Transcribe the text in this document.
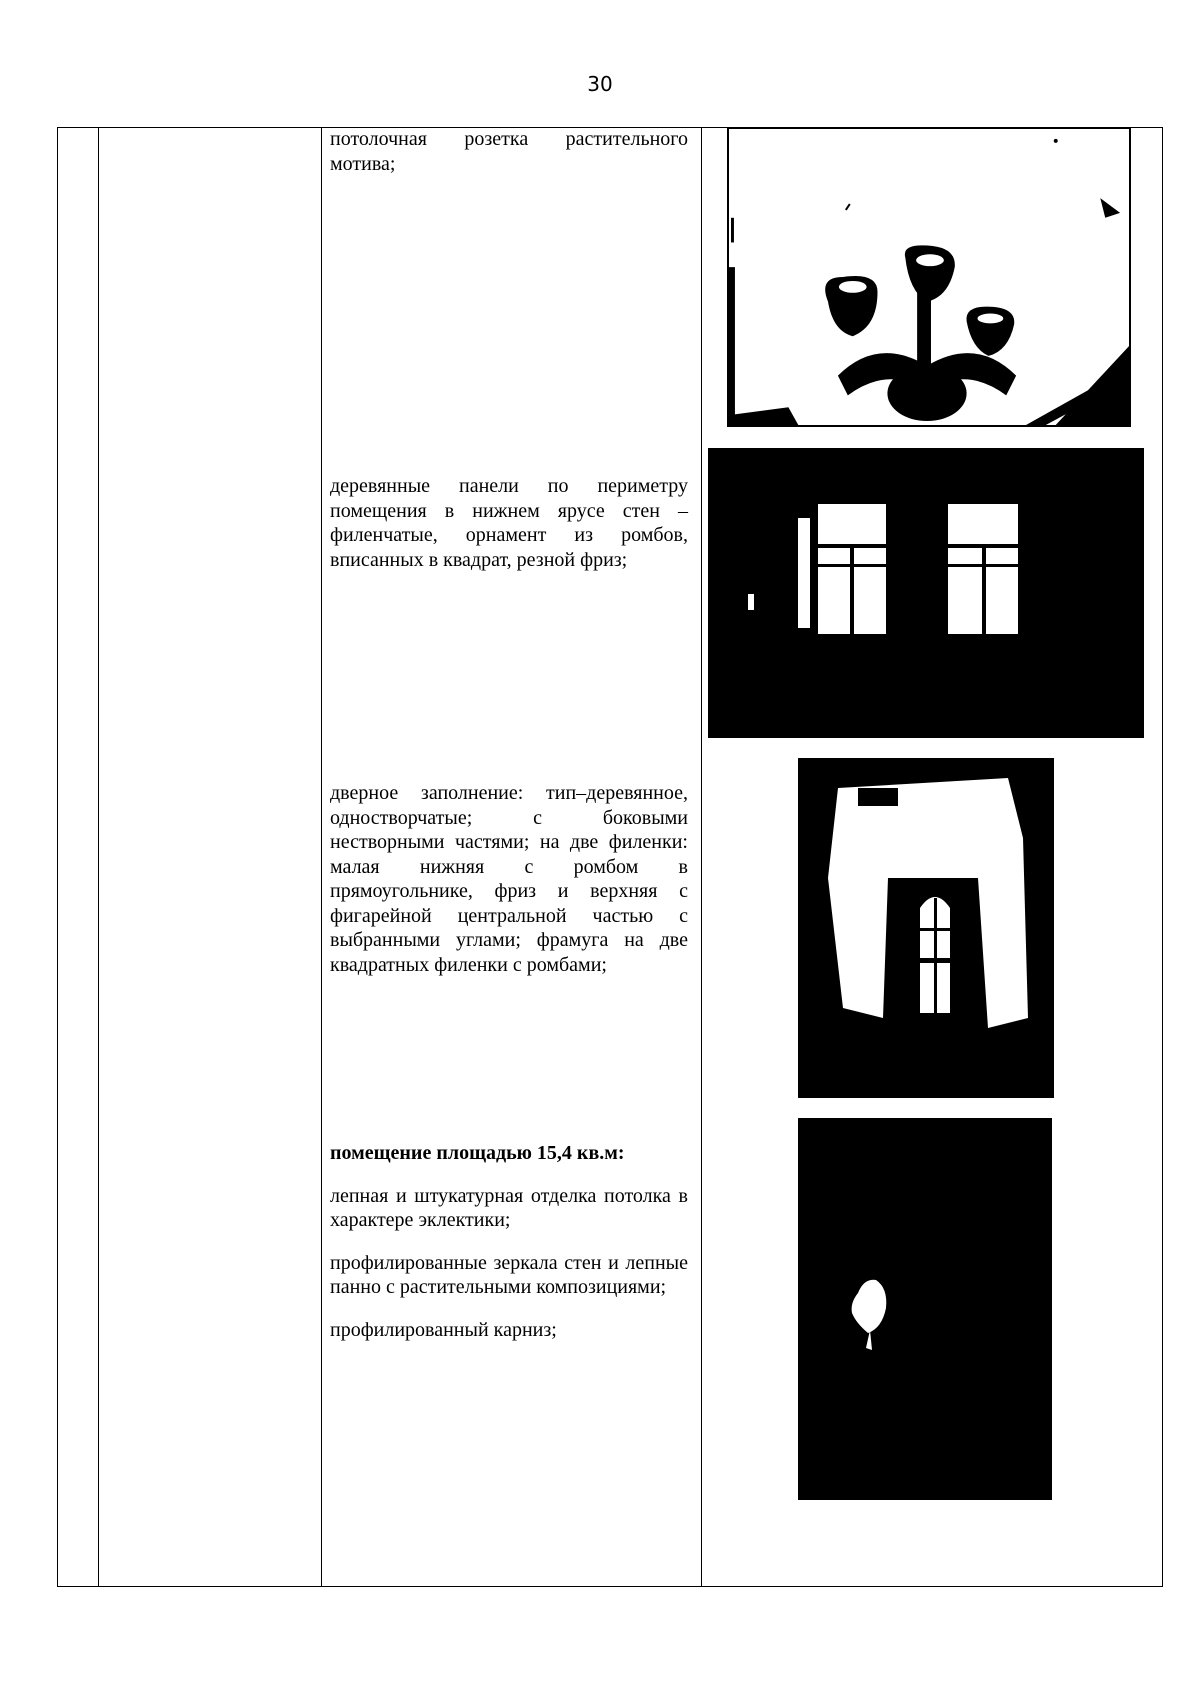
30

потолочная розетка растительного мотива;

деревянные панели по периметру помещения в нижнем ярусе стен – филенчатые, орнамент из ромбов, вписанных в квадрат, резной фриз;

дверное заполнение: тип–деревянное, одностворчатые; с боковыми нестворными частями; на две филенки: малая нижняя с ромбом в прямоугольнике, фриз и верхняя с фигарейной центральной частью с выбранными углами; фрамуга на две квадратных филенки с ромбами;

помещение площадью 15,4 кв.м:

лепная и штукатурная отделка потолка в характере эклектики;

профилированные зеркала стен и лепные панно с растительными композициями;

профилированный карниз;
